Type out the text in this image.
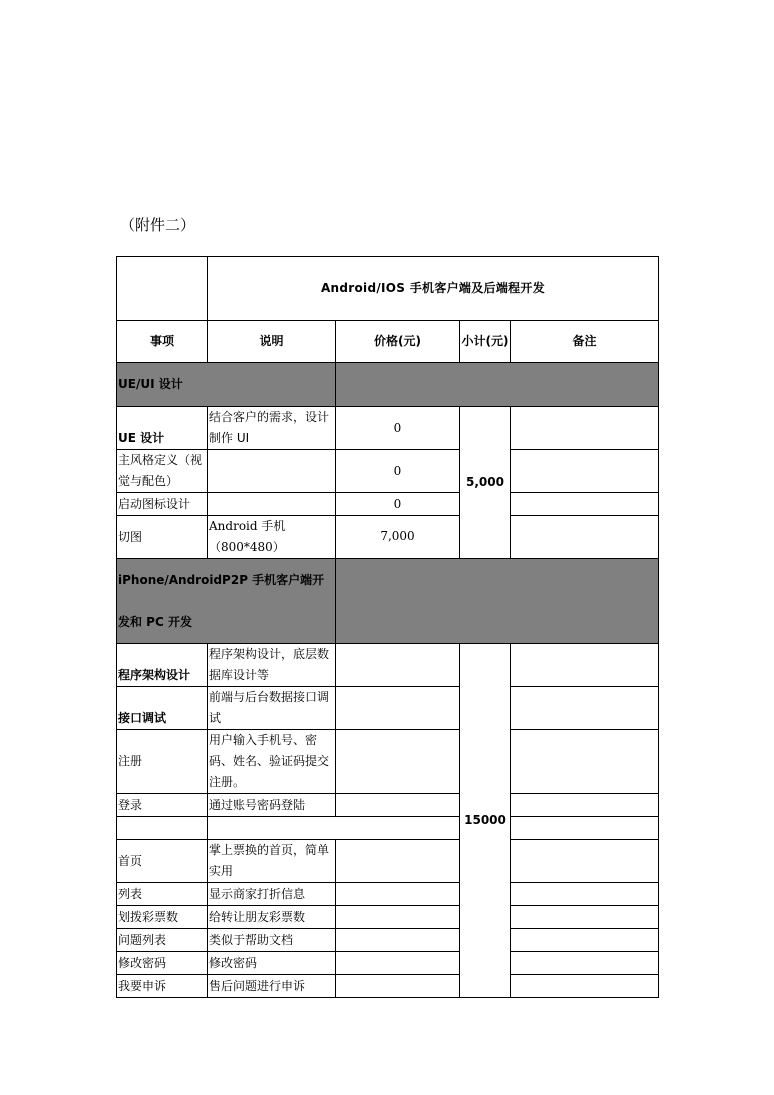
（附件二）
	Android/IOS 手机客户端及后端程开发			
事项	说明	价格(元)	小计(元)	备注
UE/UI 设计				
UE 设计	结合客户的需求，设计制作 UI	0	5,000	
主风格定义（视觉与配色）		0		
启动图标设计		0		
切图	Android 手机（800*480）	7,000		

iPhone/AndroidP2P 手机客户端开
发和 PC 开发				

程序架构设计	程序架构设计，底层数据库设计等		15000	
接口调试	前端与后台数据接口调试			
注册	用户输入手机号、密码、姓名、验证码提交注册。			
登录	通过账号密码登陆			

首页	掌上票换的首页，简单实用			
列表	显示商家打折信息			
划拨彩票数	给转让朋友彩票数			
问题列表	类似于帮助文档			
修改密码	修改密码			
我要申诉	售后问题进行申诉			
